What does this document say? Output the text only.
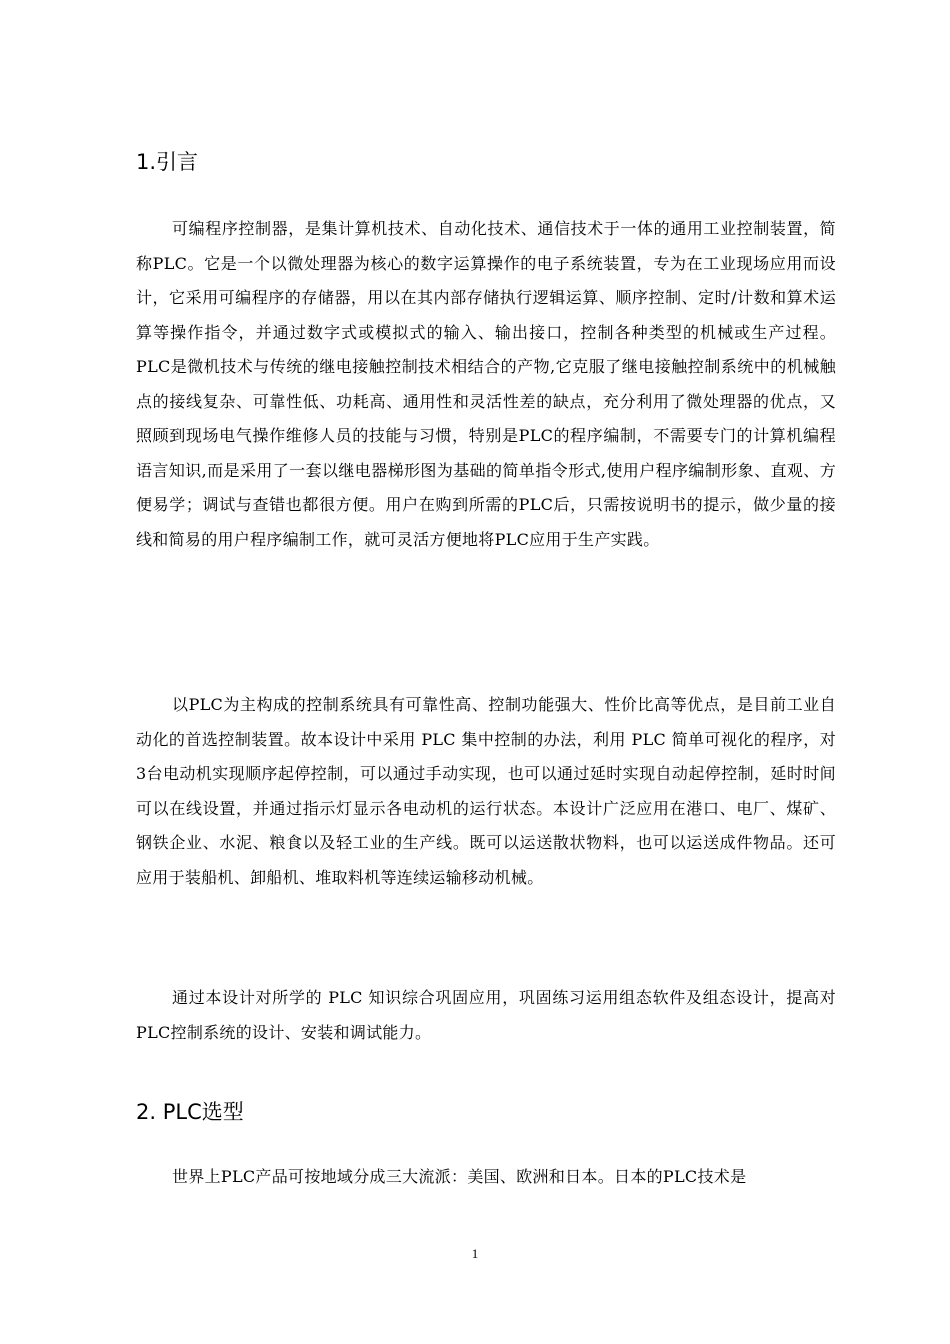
1.引言

可编程序控制器，是集计算机技术、自动化技术、通信技术于一体的通用工业控制装置，简称PLC。它是一个以微处理器为核心的数字运算操作的电子系统装置，专为在工业现场应用而设计，它采用可编程序的存储器，用以在其内部存储执行逻辑运算、顺序控制、定时/计数和算术运算等操作指令，并通过数字式或模拟式的输入、输出接口，控制各种类型的机械或生产过程。PLC是微机技术与传统的继电接触控制技术相结合的产物,它克服了继电接触控制系统中的机械触点的接线复杂、可靠性低、功耗高、通用性和灵活性差的缺点，充分利用了微处理器的优点，又照顾到现场电气操作维修人员的技能与习惯，特别是PLC的程序编制，不需要专门的计算机编程语言知识,而是采用了一套以继电器梯形图为基础的简单指令形式,使用户程序编制形象、直观、方便易学；调试与查错也都很方便。用户在购到所需的PLC后，只需按说明书的提示，做少量的接线和简易的用户程序编制工作，就可灵活方便地将PLC应用于生产实践。

以PLC为主构成的控制系统具有可靠性高、控制功能强大、性价比高等优点，是目前工业自动化的首选控制装置。故本设计中采用 PLC 集中控制的办法，利用 PLC 简单可视化的程序，对3台电动机实现顺序起停控制，可以通过手动实现，也可以通过延时实现自动起停控制，延时时间可以在线设置，并通过指示灯显示各电动机的运行状态。本设计广泛应用在港口、电厂、煤矿、钢铁企业、水泥、粮食以及轻工业的生产线。既可以运送散状物料，也可以运送成件物品。还可应用于装船机、卸船机、堆取料机等连续运输移动机械。

通过本设计对所学的 PLC 知识综合巩固应用，巩固练习运用组态软件及组态设计，提高对PLC控制系统的设计、安装和调试能力。

2. PLC选型

世界上PLC产品可按地域分成三大流派：美国、欧洲和日本。日本的PLC技术是

1
